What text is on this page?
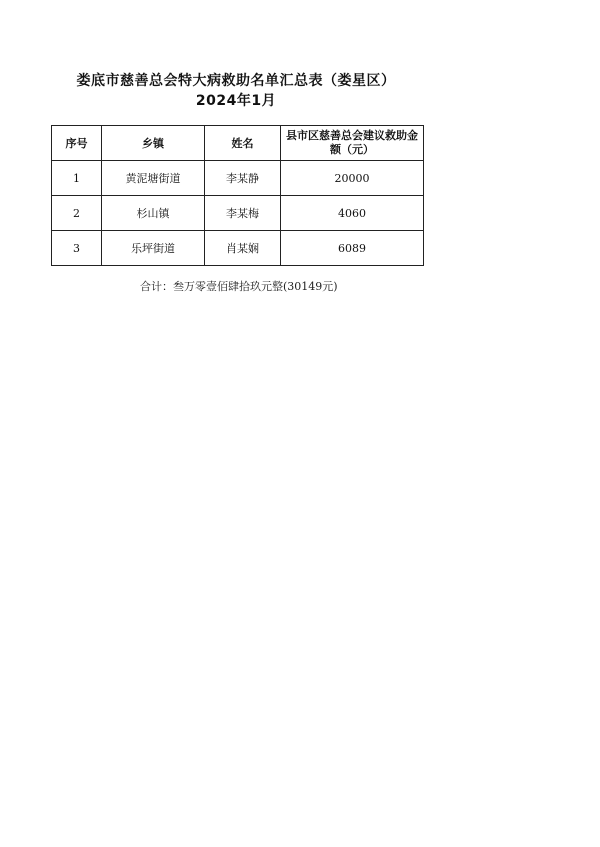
娄底市慈善总会特大病救助名单汇总表（娄星区）
2024年1月
序号	乡镇	姓名	县市区慈善总会建议救助金额（元）
1	黄泥塘街道	李某静	20000
2	杉山镇	李某梅	4060
3	乐坪街道	肖某娴	6089
合计：叁万零壹佰肆拾玖元整(30149元)
